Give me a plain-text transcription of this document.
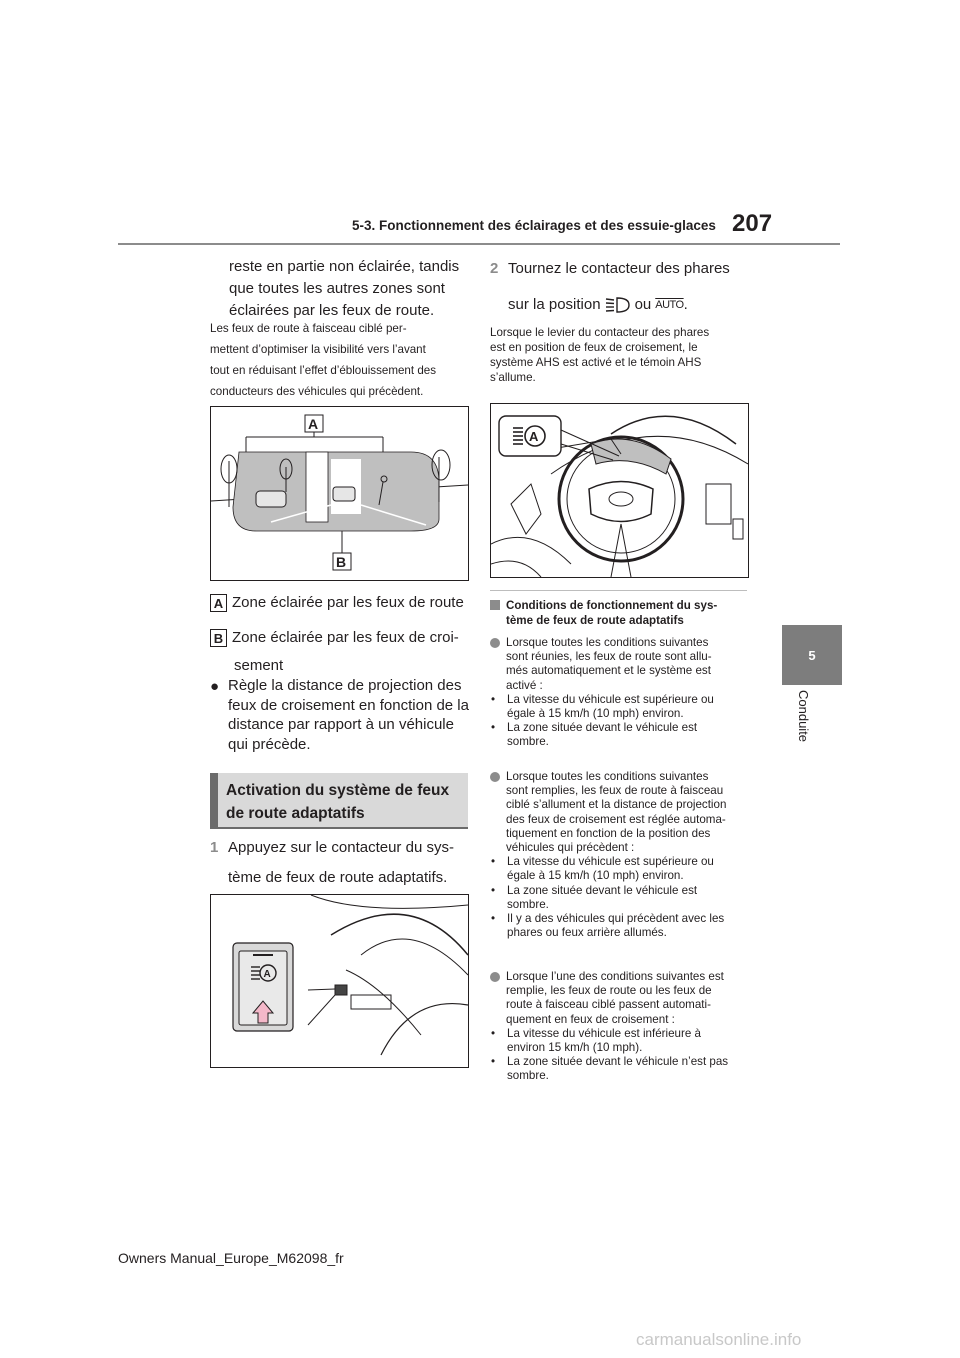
5-3. Fonctionnement des éclairages et des essuie-glaces 207
5
Conduite
reste en partie non éclairée, tandis
que toutes les autres zones sont
éclairées par les feux de route.
Les feux de route à faisceau ciblé per-
mettent d’optimiser la visibilité vers l’avant
tout en réduisant l’effet d’éblouissement des
conducteurs des véhicules qui précèdent.
A
B
A Zone éclairée par les feux de route
B Zone éclairée par les feux de croi-
sement
● Règle la distance de projection des
feux de croisement en fonction de la
distance par rapport à un véhicule
qui précède.
Activation du système de feux
de route adaptatifs
1 Appuyez sur le contacteur du sys-
tème de feux de route adaptatifs.
A
2 Tournez le contacteur des phares
sur la position ou AUTO .
Lorsque le levier du contacteur des phares
est en position de feux de croisement, le
système AHS est activé et le témoin AHS
s’allume.
A
Conditions de fonctionnement du sys-
tème de feux de route adaptatifs
Lorsque toutes les conditions suivantes
sont réunies, les feux de route sont allu-
més automatiquement et le système est
activé :
•	La vitesse du véhicule est supérieure ou
égale à 15 km/h (10 mph) environ.
•	La zone située devant le véhicule est
sombre.
Lorsque toutes les conditions suivantes
sont remplies, les feux de route à faisceau
ciblé s’allument et la distance de projection
des feux de croisement est réglée automa-
tiquement en fonction de la position des
véhicules qui précèdent :
•	La vitesse du véhicule est supérieure ou
égale à 15 km/h (10 mph) environ.
•	La zone située devant le véhicule est
sombre.
•	Il y a des véhicules qui précèdent avec les
phares ou feux arrière allumés.
Lorsque l’une des conditions suivantes est
remplie, les feux de route ou les feux de
route à faisceau ciblé passent automati-
quement en feux de croisement :
•	La vitesse du véhicule est inférieure à
environ 15 km/h (10 mph).
•	La zone située devant le véhicule n’est pas
sombre.
Owners Manual_Europe_M62098_fr
carmanualsonline.info
